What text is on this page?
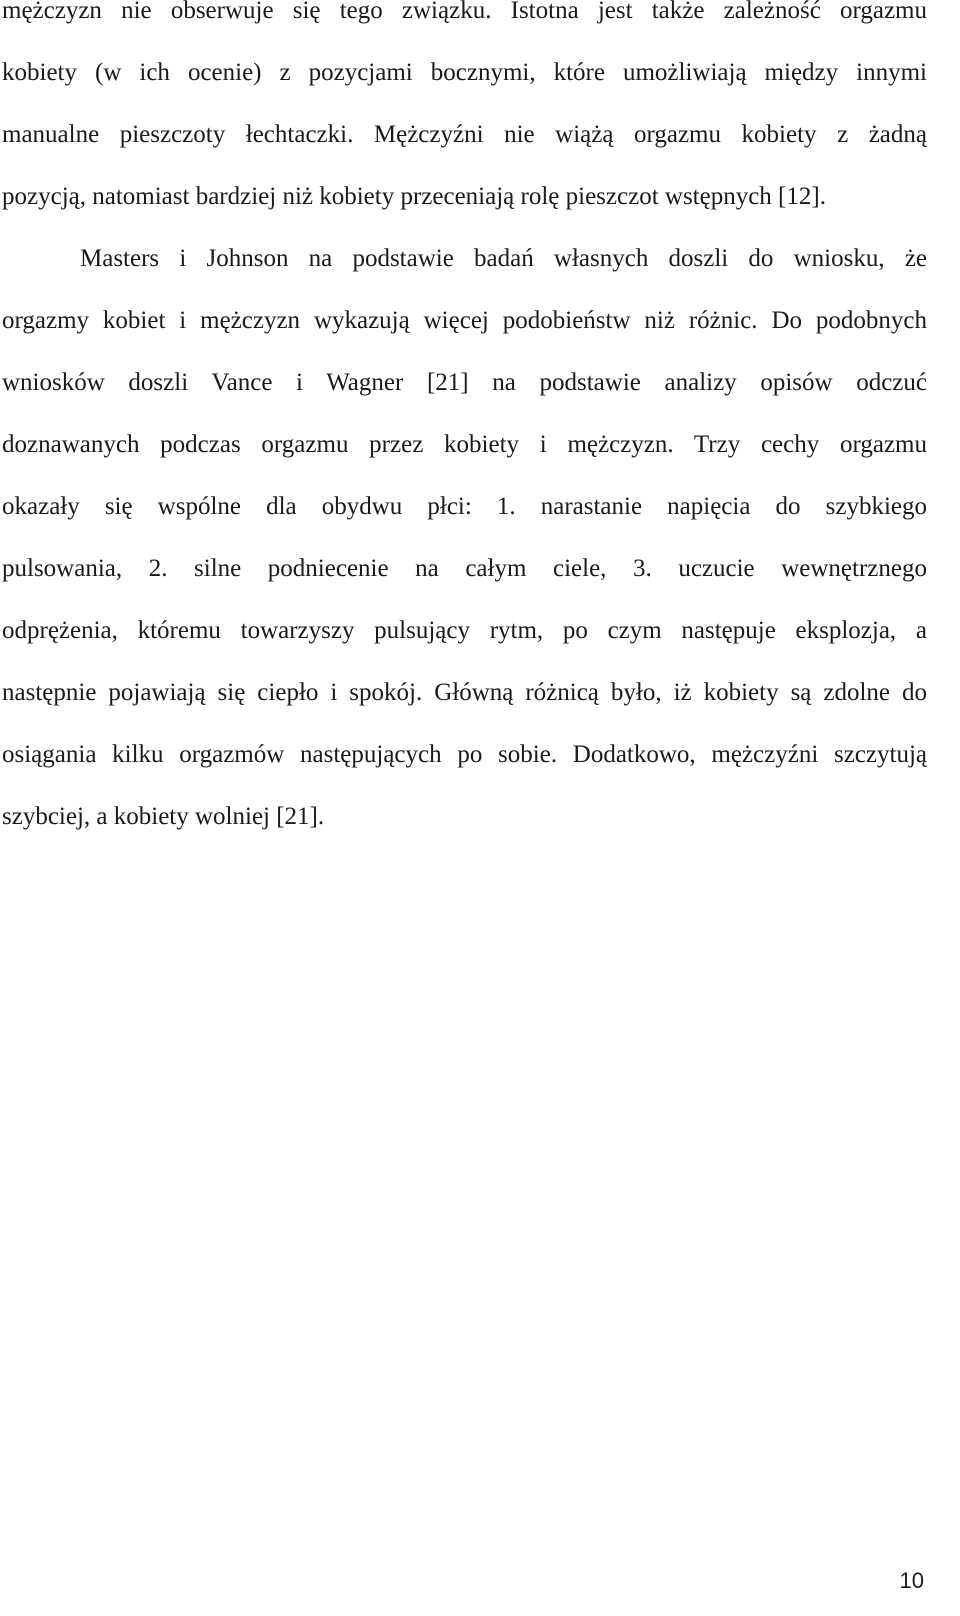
mężczyzn nie obserwuje się tego związku. Istotna jest także zależność orgazmu
kobiety (w ich ocenie) z pozycjami bocznymi, które umożliwiają między innymi
manualne pieszczoty łechtaczki. Mężczyźni nie wiążą orgazmu kobiety z żadną
pozycją, natomiast bardziej niż kobiety przeceniają rolę pieszczot wstępnych [12].
Masters i Johnson na podstawie badań własnych doszli do wniosku, że
orgazmy kobiet i mężczyzn wykazują więcej podobieństw niż różnic. Do podobnych
wniosków doszli Vance i Wagner [21] na podstawie analizy opisów odczuć
doznawanych podczas orgazmu przez kobiety i mężczyzn. Trzy cechy orgazmu
okazały się wspólne dla obydwu płci: 1. narastanie napięcia do szybkiego
pulsowania, 2. silne podniecenie na całym ciele, 3. uczucie wewnętrznego
odprężenia, któremu towarzyszy pulsujący rytm, po czym następuje eksplozja, a
następnie pojawiają się ciepło i spokój. Główną różnicą było, iż kobiety są zdolne do
osiągania kilku orgazmów następujących po sobie. Dodatkowo, mężczyźni szczytują
szybciej, a kobiety wolniej [21].
10
